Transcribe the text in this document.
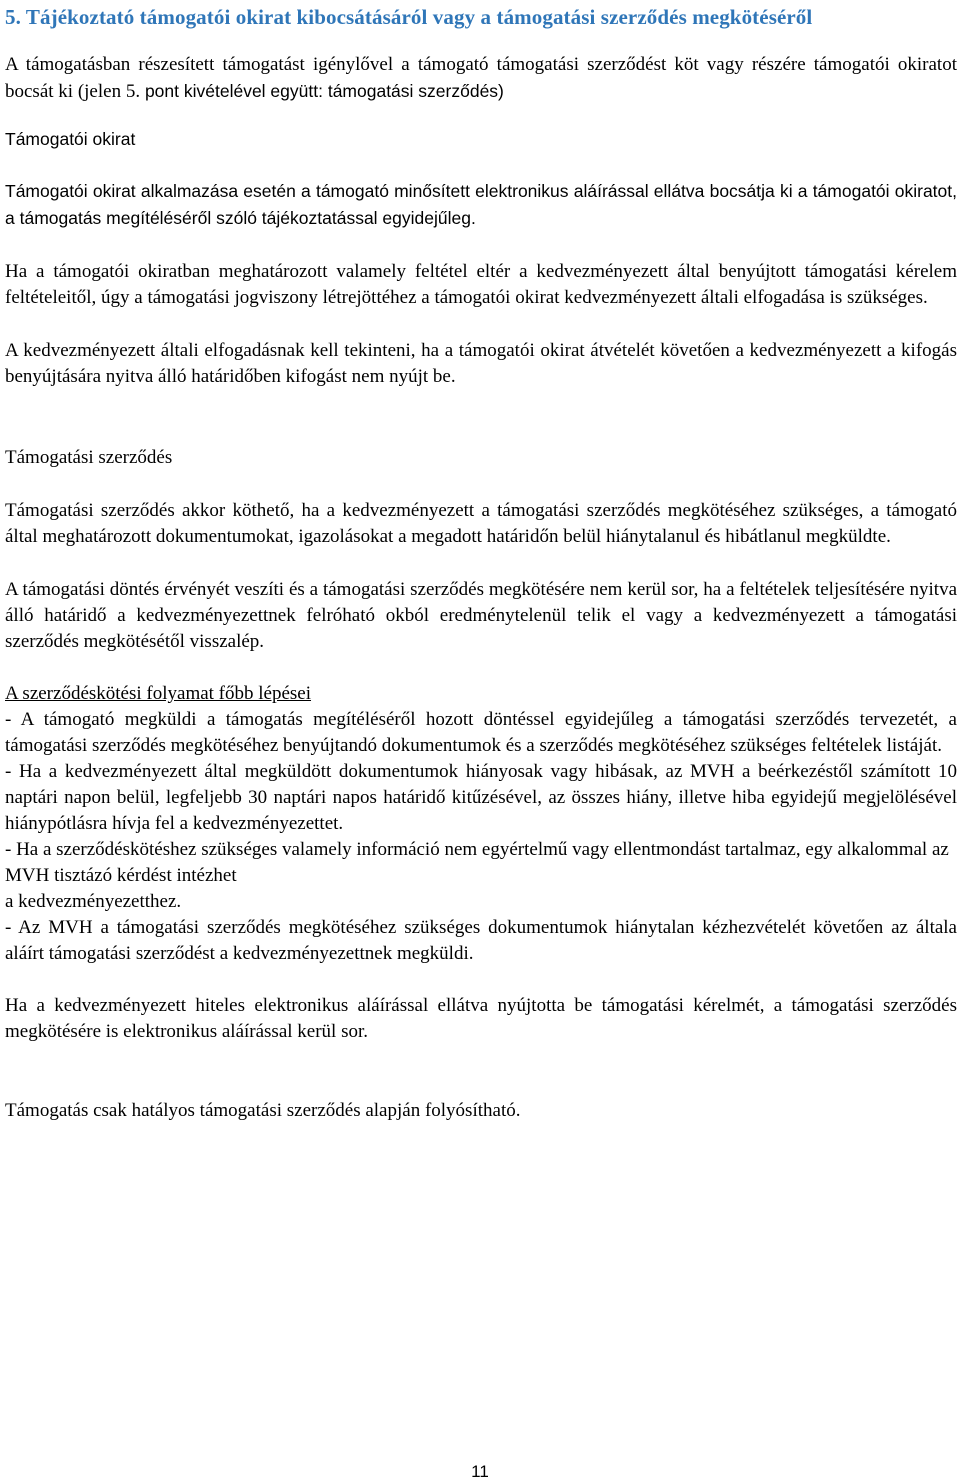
5. Tájékoztató támogatói okirat kibocsátásáról vagy a támogatási szerződés megkötéséről

A támogatásban részesített támogatást igénylővel a támogató támogatási szerződést köt vagy részére támogatói okiratot bocsát ki (jelen 5. pont kivételével együtt: támogatási szerződés)

Támogatói okirat

Támogatói okirat alkalmazása esetén a támogató minősített elektronikus aláírással ellátva bocsátja ki a támogatói okiratot, a támogatás megítéléséről szóló tájékoztatással egyidejűleg.

Ha a támogatói okiratban meghatározott valamely feltétel eltér a kedvezményezett által benyújtott támogatási kérelem feltételeitől, úgy a támogatási jogviszony létrejöttéhez a támogatói okirat kedvezményezett általi elfogadása is szükséges.

A kedvezményezett általi elfogadásnak kell tekinteni, ha a támogatói okirat átvételét követően a kedvezményezett a kifogás benyújtására nyitva álló határidőben kifogást nem nyújt be.

Támogatási szerződés

Támogatási szerződés akkor köthető, ha a kedvezményezett a támogatási szerződés megkötéséhez szükséges, a támogató által meghatározott dokumentumokat, igazolásokat a megadott határidőn belül hiánytalanul és hibátlanul megküldte.

A támogatási döntés érvényét veszíti és a támogatási szerződés megkötésére nem kerül sor, ha a feltételek teljesítésére nyitva álló határidő a kedvezményezettnek felróható okból eredménytelenül telik el vagy a kedvezményezett a támogatási szerződés megkötésétől visszalép.

A szerződéskötési folyamat főbb lépései

- A támogató megküldi a támogatás megítéléséről hozott döntéssel egyidejűleg a támogatási szerződés tervezetét, a támogatási szerződés megkötéséhez benyújtandó dokumentumok és a szerződés megkötéséhez szükséges feltételek listáját.

- Ha a kedvezményezett által megküldött dokumentumok hiányosak vagy hibásak, az MVH a beérkezéstől számított 10 naptári napon belül, legfeljebb 30 naptári napos határidő kitűzésével, az összes hiány, illetve hiba egyidejű megjelölésével hiánypótlásra hívja fel a kedvezményezettet.

- Ha a szerződéskötéshez szükséges valamely információ nem egyértelmű vagy ellentmondást tartalmaz, egy alkalommal az MVH tisztázó kérdést intézhet
a kedvezményezetthez.

- Az MVH a támogatási szerződés megkötéséhez szükséges dokumentumok hiánytalan kézhezvételét követően az általa aláírt támogatási szerződést a kedvezményezettnek megküldi.

Ha a kedvezményezett hiteles elektronikus aláírással ellátva nyújtotta be támogatási kérelmét, a támogatási szerződés megkötésére is elektronikus aláírással kerül sor.

Támogatás csak hatályos támogatási szerződés alapján folyósítható.

11
